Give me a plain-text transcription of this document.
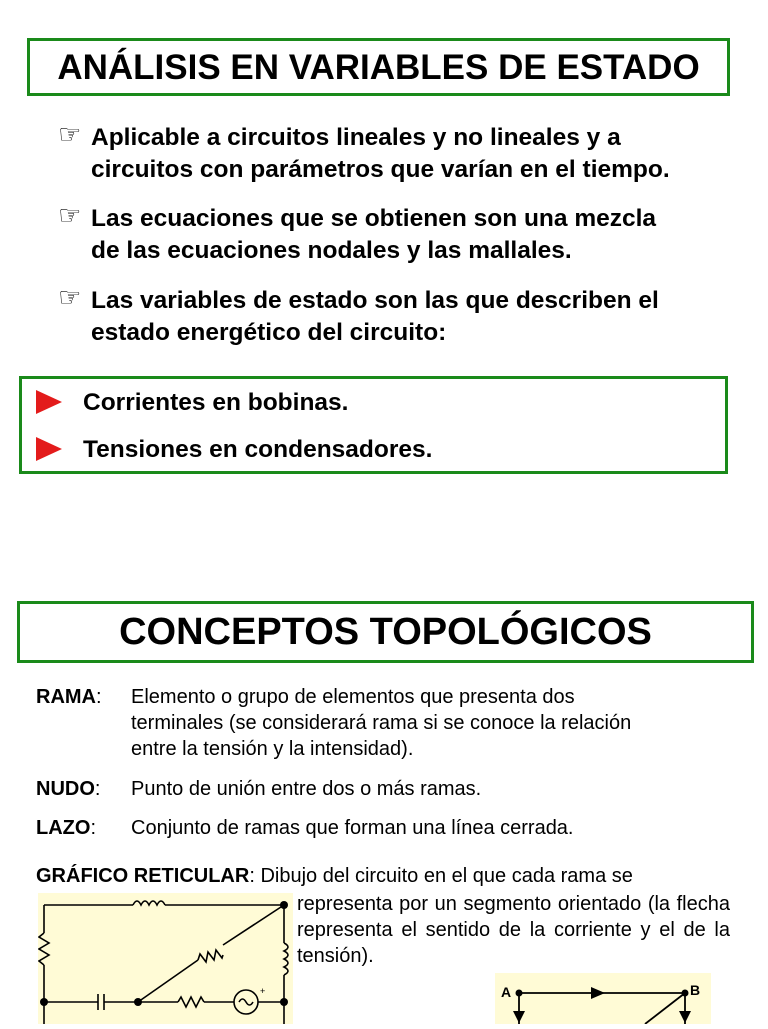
ANÁLISIS EN VARIABLES DE ESTADO
☞ Aplicable a circuitos lineales y no lineales y a
circuitos con parámetros que varían en el tiempo.
☞ Las ecuaciones que se obtienen son una mezcla
de las ecuaciones nodales y las mallales.
☞ Las variables de estado son las que describen el
estado energético del circuito:
Corrientes en bobinas.
Tensiones en condensadores.
CONCEPTOS TOPOLÓGICOS
RAMA: Elemento o grupo de elementos que presenta dos
terminales (se considerará rama si se conoce la relación
entre la tensión y la intensidad).
NUDO: Punto de unión entre dos o más ramas.
LAZO: Conjunto de ramas que forman una línea cerrada.
GRÁFICO RETICULAR: Dibujo del circuito en el que cada rama se
representa por un segmento orientado (la flecha representa el sentido de la corriente y el de la tensión).
+	A	B
